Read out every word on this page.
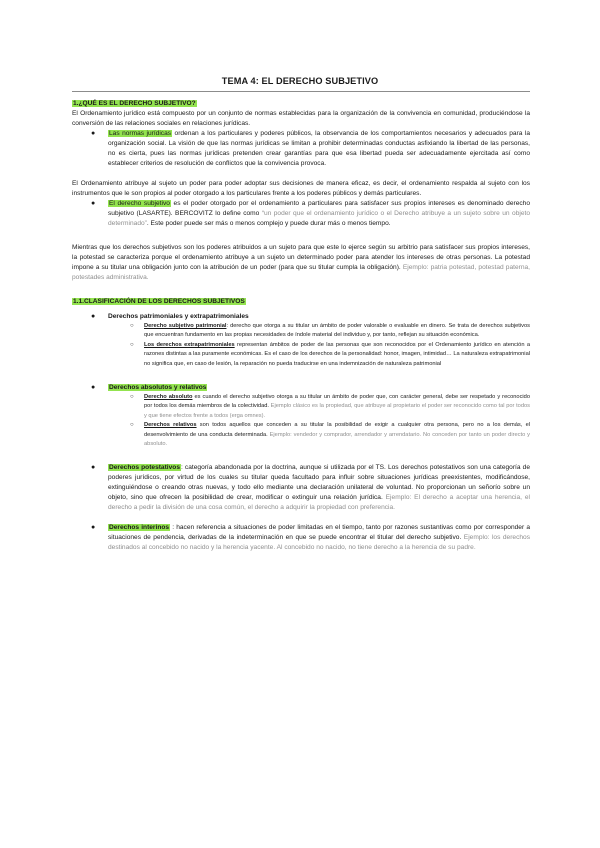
TEMA 4: EL DERECHO SUBJETIVO

1.¿QUÉ ES EL DERECHO SUBJETIVO?

El Ordenamiento jurídico está compuesto por un conjunto de normas establecidas para la organización de la convivencia en comunidad, produciéndose la conversión de las relaciones sociales en relaciones jurídicas.

● Las normas jurídicas ordenan a los particulares y poderes públicos, la observancia de los comportamientos necesarios y adecuados para la organización social. La visión de que las normas jurídicas se limitan a prohibir determinadas conductas asfixiando la libertad de las personas, no es cierta, pues las normas jurídicas pretenden crear garantías para que esa libertad pueda ser adecuadamente ejercitada así como establecer criterios de resolución de conflictos que la convivencia provoca.

El Ordenamiento atribuye al sujeto un poder para poder adoptar sus decisiones de manera eficaz, es decir, el ordenamiento respalda al sujeto con los instrumentos que le son propios al poder otorgado a los particulares frente a los poderes públicos y demás particulares.

● El derecho subjetivo es el poder otorgado por el ordenamiento a particulares para satisfacer sus propios intereses es denominado derecho subjetivo (LASARTE). BERCOVITZ lo define como “un poder que el ordenamiento jurídico o el Derecho atribuye a un sujeto sobre un objeto determinado”. Este poder puede ser más o menos complejo y puede durar más o menos tiempo.

Mientras que los derechos subjetivos son los poderes atribuidos a un sujeto para que este lo ejerce según su arbitrio para satisfacer sus propios intereses, la potestad se caracteriza porque el ordenamiento atribuye a un sujeto un determinado poder para atender los intereses de otras personas. La potestad impone a su titular una obligación junto con la atribución de un poder (para que su titular cumpla la obligación). Ejemplo: patria potestad, potestad paterna, potestades administrativa.

1.1.CLASIFICACIÓN DE LOS DERECHOS SUBJETIVOS

● Derechos patrimoniales y extrapatrimoniales

○ Derecho subjetivo patrimonial: derecho que otorga a su titular un ámbito de poder valorable o evaluable en dinero. Se trata de derechos subjetivos que encuentran fundamento en las propias necesidades de índole material del individuo y, por tanto, reflejan su situación económica.

○ Los derechos extrapatrimoniales representan ámbitos de poder de las personas que son reconocidos por el Ordenamiento jurídico en atención a razones distintas a las puramente económicas. Es el caso de los derechos de la personalidad: honor, imagen, intimidad… La naturaleza extrapatrimonial no significa que, en caso de lesión, la reparación no pueda traducirse en una indemnización de naturaleza patrimonial

● Derechos absolutos y relativos

○ Derecho absoluto es cuando el derecho subjetivo otorga a su titular un ámbito de poder que, con carácter general, debe ser respetado y reconocido por todos los demás miembros de la colectividad. Ejemplo clásico es la propiedad, que atribuye al propietario el poder ser reconocido como tal por todos y que tiene efectos frente a todos (erga omnes).

○ Derechos relativos son todos aquellos que conceden a su titular la posibilidad de exigir a cualquier otra persona, pero no a los demás, el desenvolvimiento de una conducta determinada. Ejemplo: vendedor y comprador, arrendador y arrendatario. No conceden por tanto un poder directo y absoluto.

● Derechos potestativos: categoría abandonada por la doctrina, aunque si utilizada por el TS. Los derechos potestativos son una categoría de poderes jurídicos, por virtud de los cuales su titular queda facultado para influir sobre situaciones jurídicas preexistentes, modificándose, extinguiéndose o creando otras nuevas, y todo ello mediante una declaración unilateral de voluntad. No proporcionan un señorío sobre un objeto, sino que ofrecen la posibilidad de crear, modificar o extinguir una relación jurídica. Ejemplo: El derecho a aceptar una herencia, el derecho a pedir la división de una cosa común, el derecho a adquirir la propiedad con preferencia.

● Derechos interinos : hacen referencia a situaciones de poder limitadas en el tiempo, tanto por razones sustantivas como por corresponder a situaciones de pendencia, derivadas de la indeterminación en que se puede encontrar el titular del derecho subjetivo. Ejemplo: los derechos destinados al concebido no nacido y la herencia yacente. Al concebido no nacido, no tiene derecho a la herencia de su padre.
